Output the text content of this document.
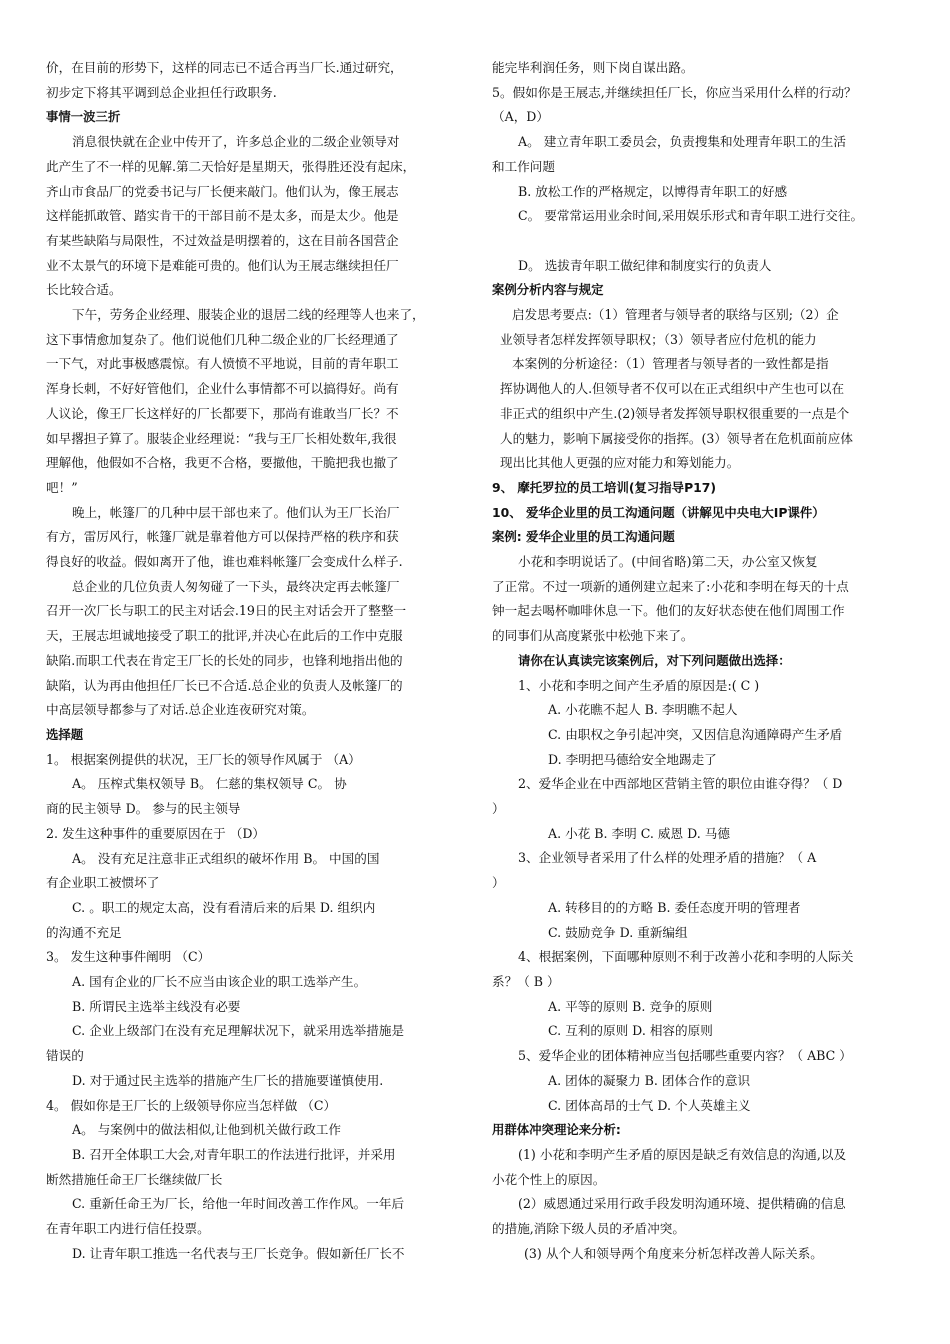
价，在目前的形势下，这样的同志已不适合再当厂长.通过研究，
初步定下将其平调到总企业担任行政职务.
事情一波三折
消息很快就在企业中传开了，许多总企业的二级企业领导对
此产生了不一样的见解.第二天恰好是星期天，张得胜还没有起床，
齐山市食品厂的党委书记与厂长便来敲门。他们认为，像王展志
这样能抓敢管、踏实肯干的干部目前不是太多，而是太少。他是
有某些缺陷与局限性，不过效益是明摆着的，这在目前各国营企
业不太景气的环境下是难能可贵的。他们认为王展志继续担任厂
长比较合适。
下午，劳务企业经理、服装企业的退居二线的经理等人也来了，
这下事情愈加复杂了。他们说他们几种二级企业的厂长经理通了
一下气，对此事极感震惊。有人愤愤不平地说，目前的青年职工
浑身长刺，不好好管他们，企业什么事情都不可以搞得好。尚有
人议论，像王厂长这样好的厂长都要下，那尚有谁敢当厂长？不
如早撂担子算了。服装企业经理说：“我与王厂长相处数年,我很
理解他，他假如不合格，我更不合格，要撤他，干脆把我也撤了
吧！”
晚上，帐篷厂的几种中层干部也来了。他们认为王厂长治厂
有方，雷厉风行，帐篷厂就是靠着他方可以保持严格的秩序和获
得良好的收益。假如离开了他，谁也难料帐篷厂会变成什么样子.
总企业的几位负责人匆匆碰了一下头，最终决定再去帐篷厂
召开一次厂长与职工的民主对话会.19日的民主对话会开了整整一
天，王展志坦诚地接受了职工的批评,并决心在此后的工作中克服
缺陷.而职工代表在肯定王厂长的长处的同步，也锋利地指出他的
缺陷，认为再由他担任厂长已不合适.总企业的负责人及帐篷厂的
中高层领导都参与了对话.总企业连夜研究对策。
选择题
1。 根据案例提供的状况，王厂长的领导作风属于 （A）
A。 压榨式集权领导 B。 仁慈的集权领导 C。 协
商的民主领导 D。 参与的民主领导
2. 发生这种事件的重要原因在于 （D）
A。 没有充足注意非正式组织的破坏作用 B。 中国的国
有企业职工被惯坏了
C. 。职工的规定太高，没有看清后来的后果 D. 组织内
的沟通不充足
3。 发生这种事件阐明 （C）
A. 国有企业的厂长不应当由该企业的职工选举产生。
B. 所谓民主选举主线没有必要
C. 企业上级部门在没有充足理解状况下，就采用选举措施是
错误的
D. 对于通过民主选举的措施产生厂长的措施要谨慎使用.
4。 假如你是王厂长的上级领导你应当怎样做 （C）
A。 与案例中的做法相似,让他到机关做行政工作
B. 召开全体职工大会,对青年职工的作法进行批评，并采用
断然措施任命王厂长继续做厂长
C. 重新任命王为厂长，给他一年时间改善工作作风。一年后
在青年职工内进行信任投票。
D. 让青年职工推选一名代表与王厂长竞争。假如新任厂长不
能完毕利润任务，则下岗自谋出路。
5。假如你是王展志,并继续担任厂长，你应当采用什么样的行动？
（A，D）
A。 建立青年职工委员会，负责搜集和处理青年职工的生活
和工作问题
B. 放松工作的严格规定，以博得青年职工的好感
C。 要常常运用业余时间,采用娱乐形式和青年职工进行交往。
D。 选拔青年职工做纪律和制度实行的负责人
案例分析内容与规定
启发思考要点:（1）管理者与领导者的联络与区别;（2）企
业领导者怎样发挥领导职权；（3）领导者应付危机的能力
本案例的分析途径：（1）管理者与领导者的一致性都是指
挥协调他人的人.但领导者不仅可以在正式组织中产生也可以在
非正式的组织中产生.(2)领导者发挥领导职权很重要的一点是个
人的魅力，影响下属接受你的指挥。(3）领导者在危机面前应体
现出比其他人更强的应对能力和筹划能力。
9、 摩托罗拉的员工培训(复习指导P17)
10、 爱华企业里的员工沟通问题（讲解见中央电大IP课件）
案例: 爱华企业里的员工沟通问题
小花和李明说话了。(中间省略)第二天，办公室又恢复
了正常。不过一项新的通例建立起来了:小花和李明在每天的十点
钟一起去喝杯咖啡休息一下。他们的友好状态使在他们周围工作
的同事们从高度紧张中松弛下来了。
请你在认真读完该案例后，对下列问题做出选择：
1、小花和李明之间产生矛盾的原因是:( C )
A. 小花瞧不起人 B. 李明瞧不起人
C. 由职权之争引起冲突，又因信息沟通障碍产生矛盾
D. 李明把马德给安全地踢走了
2、爱华企业在中西部地区营销主管的职位由谁夺得？（ D
）
A. 小花 B. 李明 C. 威恩 D. 马德
3、企业领导者采用了什么样的处理矛盾的措施？（ A
）
A. 转移目的的方略 B. 委任态度开明的管理者
C. 鼓励竞争 D. 重新编组
4、根据案例，下面哪种原则不利于改善小花和李明的人际关
系？（ B ）
A. 平等的原则 B. 竞争的原则
C. 互利的原则 D. 相容的原则
5、爱华企业的团体精神应当包括哪些重要内容？（ ABC ）
A. 团体的凝聚力 B. 团体合作的意识
C. 团体高昂的士气 D. 个人英雄主义
用群体冲突理论来分析:
(1) 小花和李明产生矛盾的原因是缺乏有效信息的沟通,以及
小花个性上的原因。
(2）威恩通过采用行政手段发明沟通环境、提供精确的信息
的措施,消除下级人员的矛盾冲突。
(3) 从个人和领导两个角度来分析怎样改善人际关系。
